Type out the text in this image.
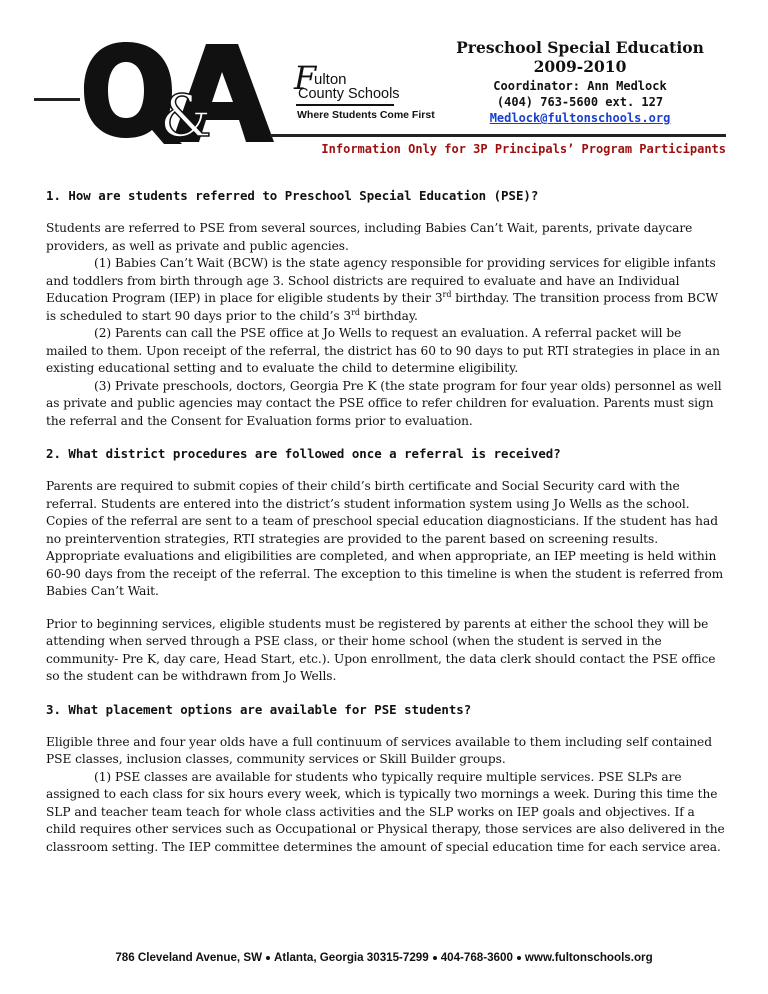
&
F
ulton
County Schools
Where Students Come First
Preschool Special Education
2009-2010
Coordinator: Ann Medlock
(404) 763-5600 ext. 127
Medlock@fultonschools.org
Information Only for 3P Principals’ Program Participants
1. How are students referred to Preschool Special Education (PSE)?

Students are referred to PSE from several sources, including Babies Can’t Wait, parents, private daycare providers, as well as private and public agencies.

(1) Babies Can’t Wait (BCW) is the state agency responsible for providing services for eligible infants and toddlers from birth through age 3. School districts are required to evaluate and have an Individual Education Program (IEP) in place for eligible students by their 3rd birthday. The transition process from BCW is scheduled to start 90 days prior to the child’s 3rd birthday.

(2) Parents can call the PSE office at Jo Wells to request an evaluation. A referral packet will be mailed to them. Upon receipt of the referral, the district has 60 to 90 days to put RTI strategies in place in an existing educational setting and to evaluate the child to determine eligibility.

(3) Private preschools, doctors, Georgia Pre K (the state program for four year olds) personnel as well as private and public agencies may contact the PSE office to refer children for evaluation. Parents must sign the referral and the Consent for Evaluation forms prior to evaluation.

2. What district procedures are followed once a referral is received?

Parents are required to submit copies of their child’s birth certificate and Social Security card with the referral. Students are entered into the district’s student information system using Jo Wells as the school. Copies of the referral are sent to a team of preschool special education diagnosticians. If the student has had no preintervention strategies, RTI strategies are provided to the parent based on screening results. Appropriate evaluations and eligibilities are completed, and when appropriate, an IEP meeting is held within 60-90 days from the receipt of the referral. The exception to this timeline is when the student is referred from Babies Can’t Wait.

Prior to beginning services, eligible students must be registered by parents at either the school they will be attending when served through a PSE class, or their home school (when the student is served in the community- Pre K, day care, Head Start, etc.). Upon enrollment, the data clerk should contact the PSE office so the student can be withdrawn from Jo Wells.

3. What placement options are available for PSE students?

Eligible three and four year olds have a full continuum of services available to them including self contained PSE classes, inclusion classes, community services or Skill Builder groups.

(1) PSE classes are available for students who typically require multiple services. PSE SLPs are assigned to each class for six hours every week, which is typically two mornings a week. During this time the SLP and teacher team teach for whole class activities and the SLP works on IEP goals and objectives. If a child requires other services such as Occupational or Physical therapy, those services are also delivered in the classroom setting. The IEP committee determines the amount of special education time for each service area.

786 Cleveland Avenue, SW Atlanta, Georgia 30315-7299 404-768-3600 www.fultonschools.org
